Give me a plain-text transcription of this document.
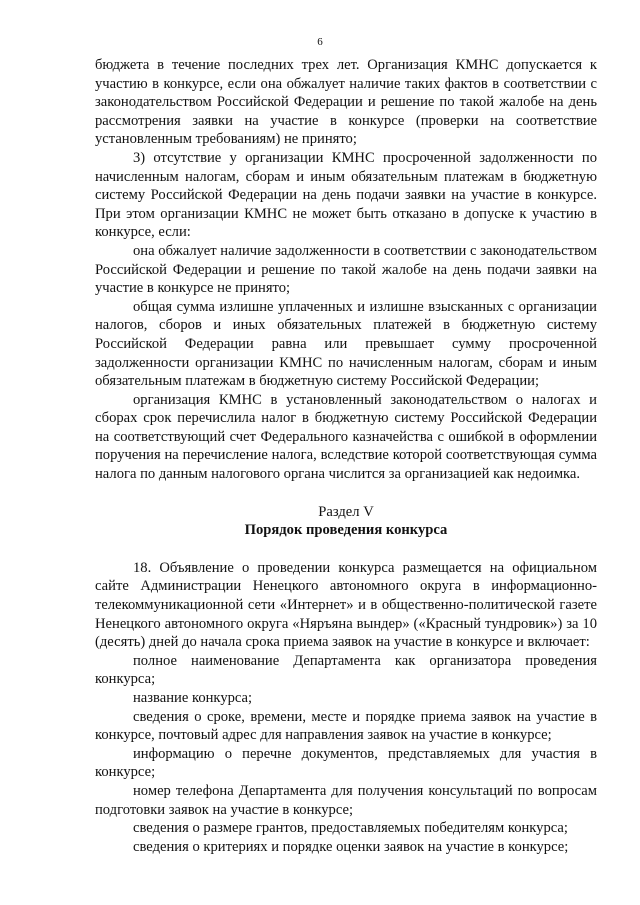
6

бюджета в течение последних трех лет. Организация КМНС допускается к участию в конкурсе, если она обжалует наличие таких фактов в соответствии с законодательством Российской Федерации и решение по такой жалобе на день рассмотрения заявки на участие в конкурсе (проверки на соответствие установленным требованиям) не принято;

3) отсутствие у организации КМНС просроченной задолженности по начисленным налогам, сборам и иным обязательным платежам в бюджетную систему Российской Федерации на день подачи заявки на участие в конкурсе. При этом организации КМНС не может быть отказано в допуске к участию в конкурсе, если:

она обжалует наличие задолженности в соответствии с законодательством Российской Федерации и решение по такой жалобе на день подачи заявки на участие в конкурсе не принято;

общая сумма излишне уплаченных и излишне взысканных с организации налогов, сборов и иных обязательных платежей в бюджетную систему Российской Федерации равна или превышает сумму просроченной задолженности организации КМНС по начисленным налогам, сборам и иным обязательным платежам в бюджетную систему Российской Федерации;

организация КМНС в установленный законодательством о налогах и сборах срок перечислила налог в бюджетную систему Российской Федерации на соответствующий счет Федерального казначейства с ошибкой в оформлении поручения на перечисление налога, вследствие которой соответствующая сумма налога по данным налогового органа числится за организацией как недоимка.

Раздел V
Порядок проведения конкурса

18. Объявление о проведении конкурса размещается на официальном сайте Администрации Ненецкого автономного округа в информационно-телекоммуникационной сети «Интернет» и в общественно-политической газете Ненецкого автономного округа «Няръяна вындер» («Красный тундровик») за 10 (десять) дней до начала срока приема заявок на участие в конкурсе и включает:

полное наименование Департамента как организатора проведения конкурса;

название конкурса;

сведения о сроке, времени, месте и порядке приема заявок на участие в конкурсе, почтовый адрес для направления заявок на участие в конкурсе;

информацию о перечне документов, представляемых для участия в конкурсе;

номер телефона Департамента для получения консультаций по вопросам подготовки заявок на участие в конкурсе;

сведения о размере грантов, предоставляемых победителям конкурса;

сведения о критериях и порядке оценки заявок на участие в конкурсе;
